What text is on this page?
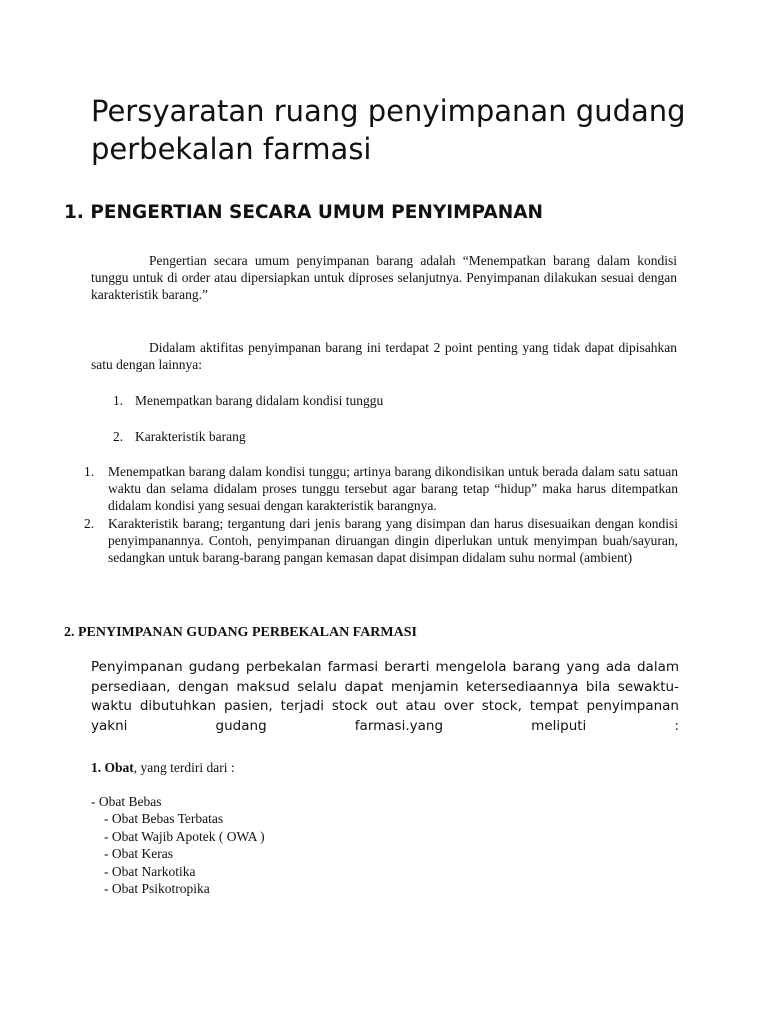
Persyaratan ruang penyimpanan gudang perbekalan farmasi
1. PENGERTIAN SECARA UMUM PENYIMPANAN
Pengertian secara umum penyimpanan barang adalah “Menempatkan barang dalam kondisi tunggu untuk di order atau dipersiapkan untuk diproses selanjutnya. Penyimpanan dilakukan sesuai dengan karakteristik barang.”
Didalam aktifitas penyimpanan barang ini terdapat 2 point penting yang tidak dapat dipisahkan satu dengan lainnya:
1. Menempatkan barang didalam kondisi tunggu
2. Karakteristik barang
1.	Menempatkan barang dalam kondisi tunggu; artinya barang dikondisikan untuk berada dalam satu satuan waktu dan selama didalam proses tunggu tersebut agar barang tetap “hidup” maka harus ditempatkan didalam kondisi yang sesuai dengan karakteristik barangnya.
2.	Karakteristik barang; tergantung dari jenis barang yang disimpan dan harus disesuaikan dengan kondisi penyimpanannya. Contoh, penyimpanan diruangan dingin diperlukan untuk menyimpan buah/sayuran, sedangkan untuk barang-barang pangan kemasan dapat disimpan didalam suhu normal (ambient)
2. PENYIMPANAN GUDANG PERBEKALAN FARMASI
Penyimpanan gudang perbekalan farmasi berarti mengelola barang yang ada dalam persediaan, dengan maksud selalu dapat menjamin ketersediaannya bila sewaktu-waktu dibutuhkan pasien, terjadi stock out atau over stock, tempat penyimpanan yakni gudang farmasi.yang meliputi :
1. Obat, yang terdiri dari :
- Obat Bebas
- Obat Bebas Terbatas
- Obat Wajib Apotek ( OWA )
- Obat Keras
- Obat Narkotika
- Obat Psikotropika
